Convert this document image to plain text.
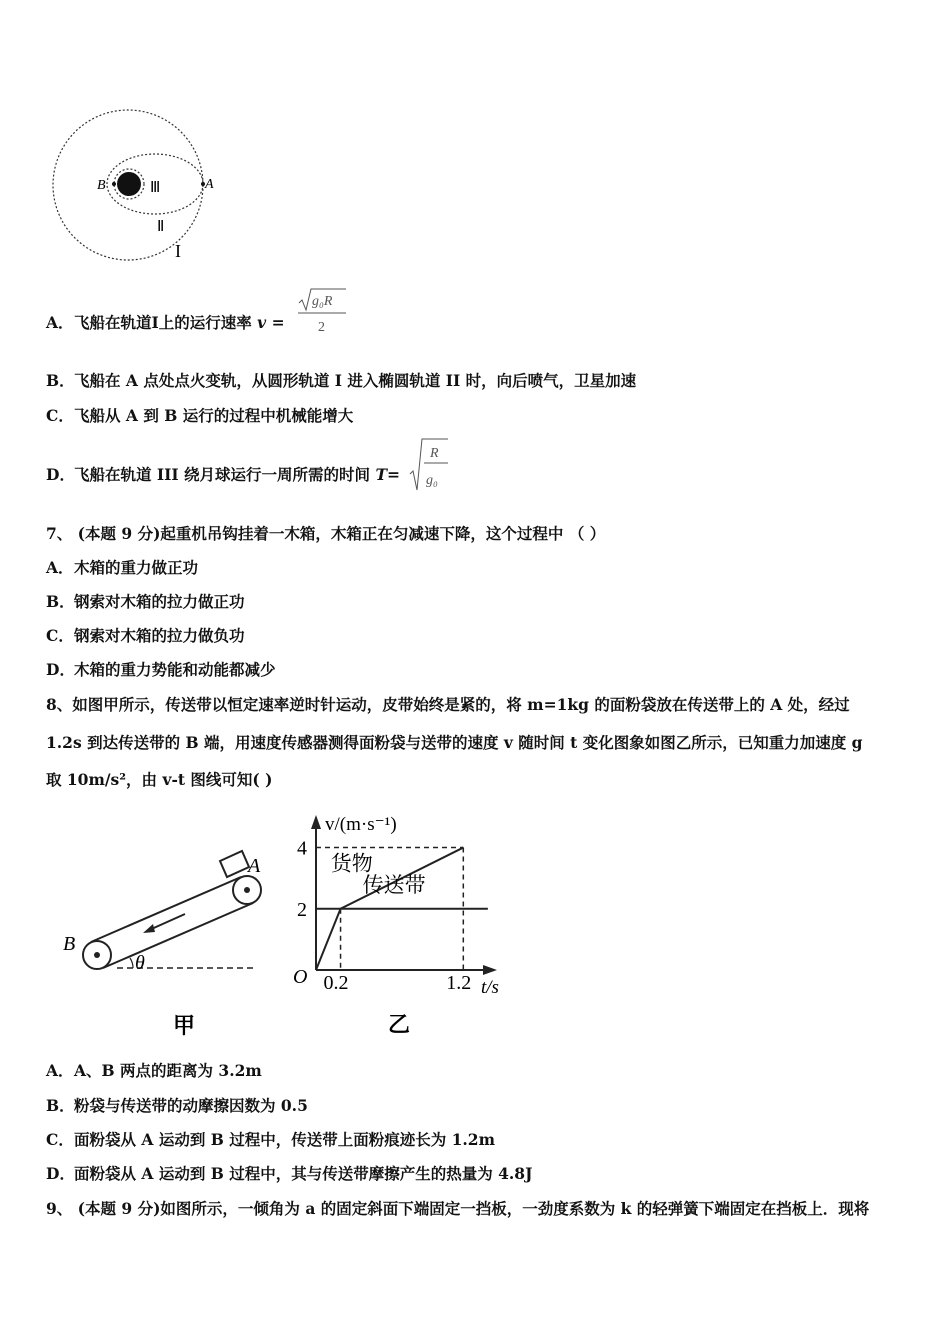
B	A
Ⅲ
Ⅱ
I
A．飞船在轨道I上的运行速率 v =
g₀R
2
B．飞船在 A 点处点火变轨，从圆形轨道 I 进入椭圆轨道 II 时，向后喷气，卫星加速
C．飞船从 A 到 B 运行的过程中机械能增大
D．飞船在轨道 III 绕月球运行一周所需的时间 T=
R
g₀
7、 (本题 9 分)起重机吊钩挂着一木箱，木箱正在匀减速下降，这个过程中 （ ）
A．木箱的重力做正功
B．钢索对木箱的拉力做正功
C．钢索对木箱的拉力做负功
D．木箱的重力势能和动能都减少
8、如图甲所示，传送带以恒定速率逆时针运动，皮带始终是紧的，将 m=1kg 的面粉袋放在传送带上的 A 处，经过
1.2s 到达传送带的 B 端，用速度传感器测得面粉袋与送带的速度 v 随时间 t 变化图象如图乙所示，已知重力加速度 g
取 10m/s²，由 v-t 图线可知( )
θ
B
A
甲
v/(m·s⁻¹)
t/s
O
乙
货物
传送带
2
4
0.2	1.2
A．A、B 两点的距离为 3.2m
B．粉袋与传送带的动摩擦因数为 0.5
C．面粉袋从 A 运动到 B 过程中，传送带上面粉痕迹长为 1.2m
D．面粉袋从 A 运动到 B 过程中，其与传送带摩擦产生的热量为 4.8J
9、 (本题 9 分)如图所示，一倾角为 a 的固定斜面下端固定一挡板，一劲度系数为 k 的轻弹簧下端固定在挡板上．现将
